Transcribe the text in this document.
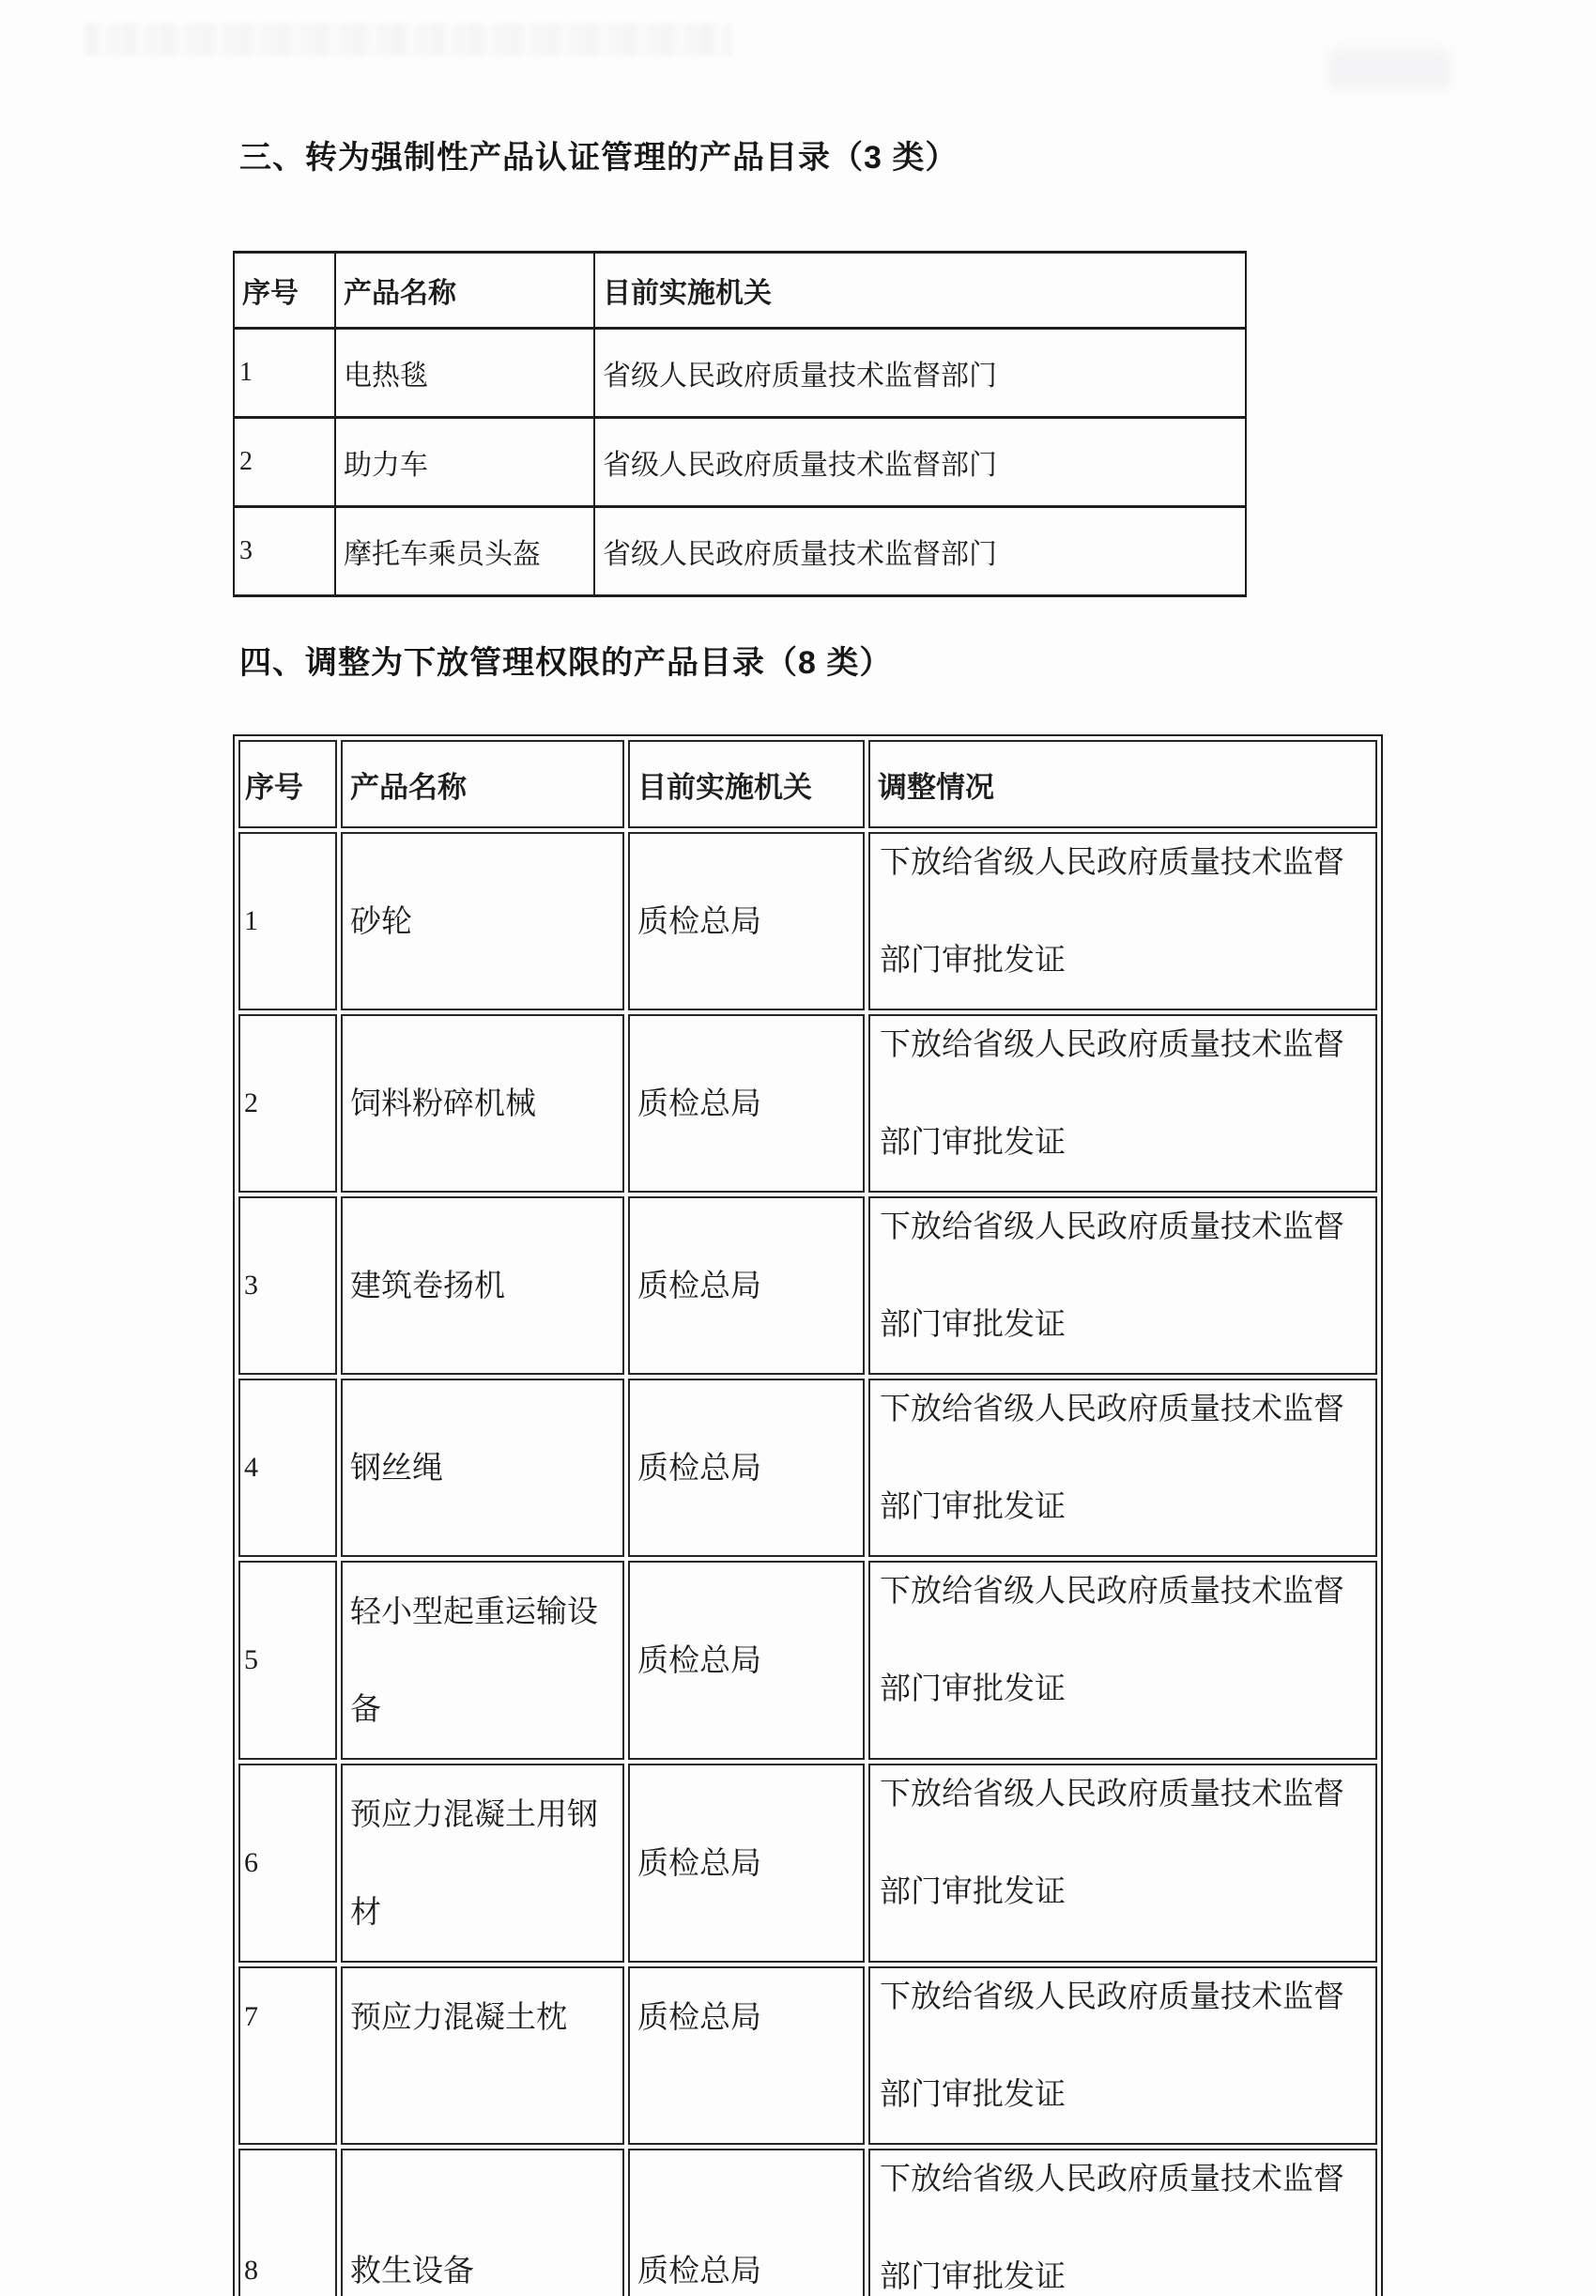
三、转为强制性产品认证管理的产品目录（3 类）
序号	产品名称	目前实施机关
1	电热毯	省级人民政府质量技术监督部门
2	助力车	省级人民政府质量技术监督部门
3	摩托车乘员头盔	省级人民政府质量技术监督部门
四、调整为下放管理权限的产品目录（8 类）
序号	产品名称	目前实施机关	调整情况
1	砂轮	质检总局	下放给省级人民政府质量技术监督部门审批发证
2	饲料粉碎机械	质检总局	下放给省级人民政府质量技术监督部门审批发证
3	建筑卷扬机	质检总局	下放给省级人民政府质量技术监督部门审批发证
4	钢丝绳	质检总局	下放给省级人民政府质量技术监督部门审批发证
5	轻小型起重运输设备	质检总局	下放给省级人民政府质量技术监督部门审批发证
6	预应力混凝土用钢材	质检总局	下放给省级人民政府质量技术监督部门审批发证
7	预应力混凝土枕	质检总局	下放给省级人民政府质量技术监督部门审批发证
8	救生设备	质检总局	下放给省级人民政府质量技术监督部门审批发证
